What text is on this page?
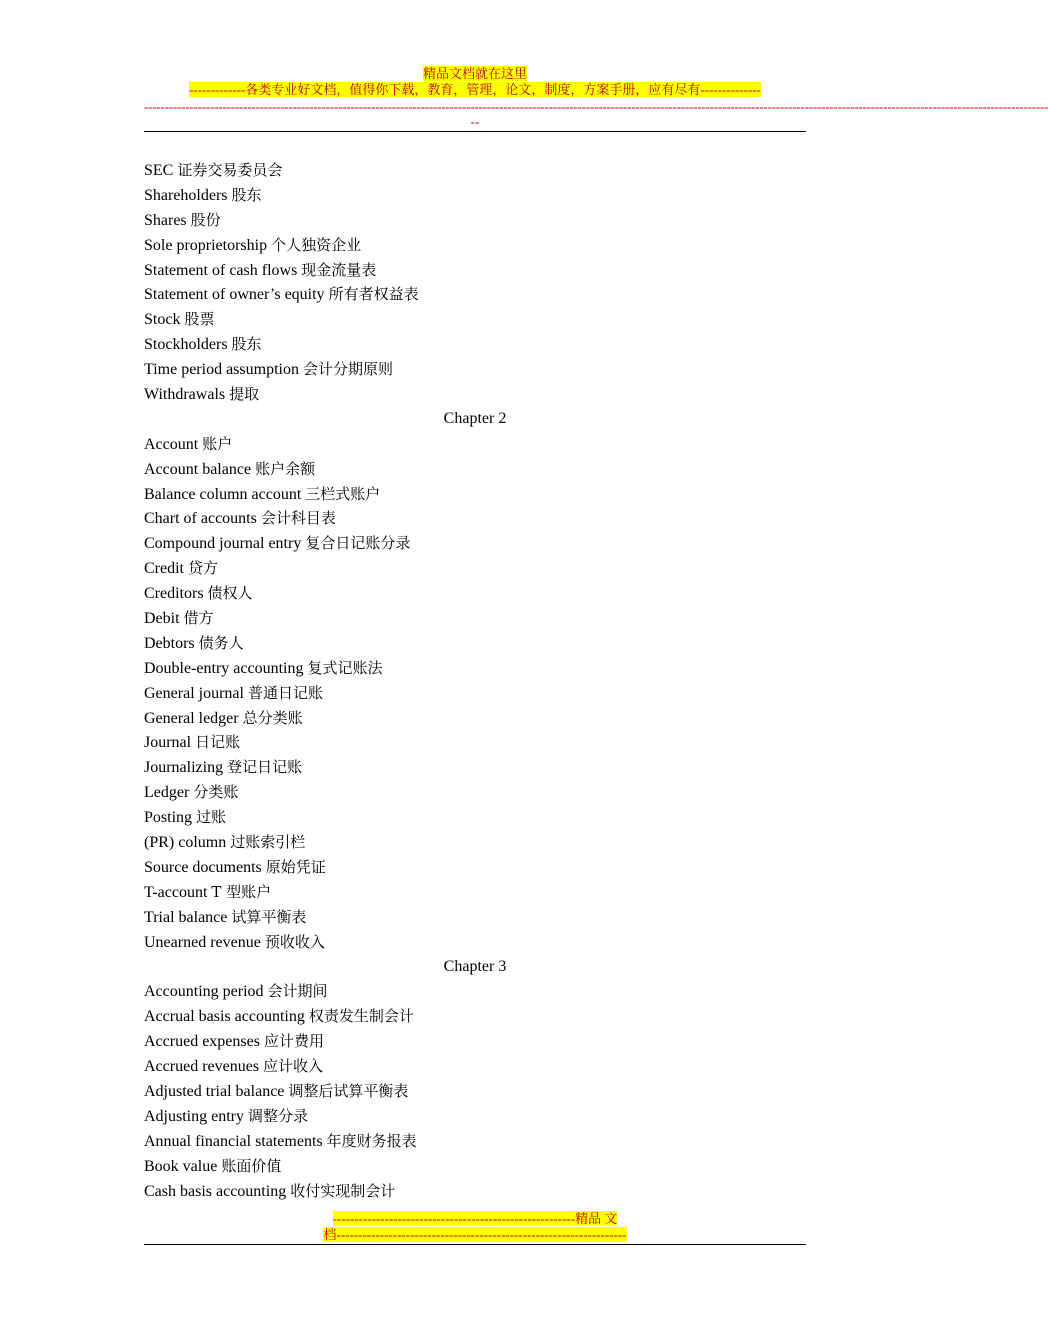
精品文档就在这里
-------------各类专业好文档，值得你下载，教育，管理，论文，制度，方案手册，应有尽有--------------
---------------------------------------------------------------------------------------------------------------------------------------------------------------------------------------------------------------------------
--
SEC 证券交易委员会
Shareholders 股东
Shares 股份
Sole proprietorship 个人独资企业
Statement of cash flows 现金流量表
Statement of owner’s equity 所有者权益表
Stock 股票
Stockholders 股东
Time period assumption 会计分期原则
Withdrawals 提取
Chapter 2
Account 账户
Account balance 账户余额
Balance column account 三栏式账户
Chart of accounts 会计科目表
Compound journal entry 复合日记账分录
Credit 贷方
Creditors 债权人
Debit 借方
Debtors 债务人
Double-entry accounting 复式记账法
General journal 普通日记账
General ledger 总分类账
Journal 日记账
Journalizing 登记日记账
Ledger 分类账
Posting 过账
(PR) column 过账索引栏
Source documents 原始凭证
T-account T 型账户
Trial balance 试算平衡表
Unearned revenue 预收收入
Chapter 3
Accounting period 会计期间
Accrual basis accounting 权责发生制会计
Accrued expenses 应计费用
Accrued revenues 应计收入
Adjusted trial balance 调整后试算平衡表
Adjusting entry 调整分录
Annual financial statements 年度财务报表
Book value 账面价值
Cash basis accounting 收付实现制会计
--------------------------------------------------------精品 文
档-------------------------------------------------------------------
